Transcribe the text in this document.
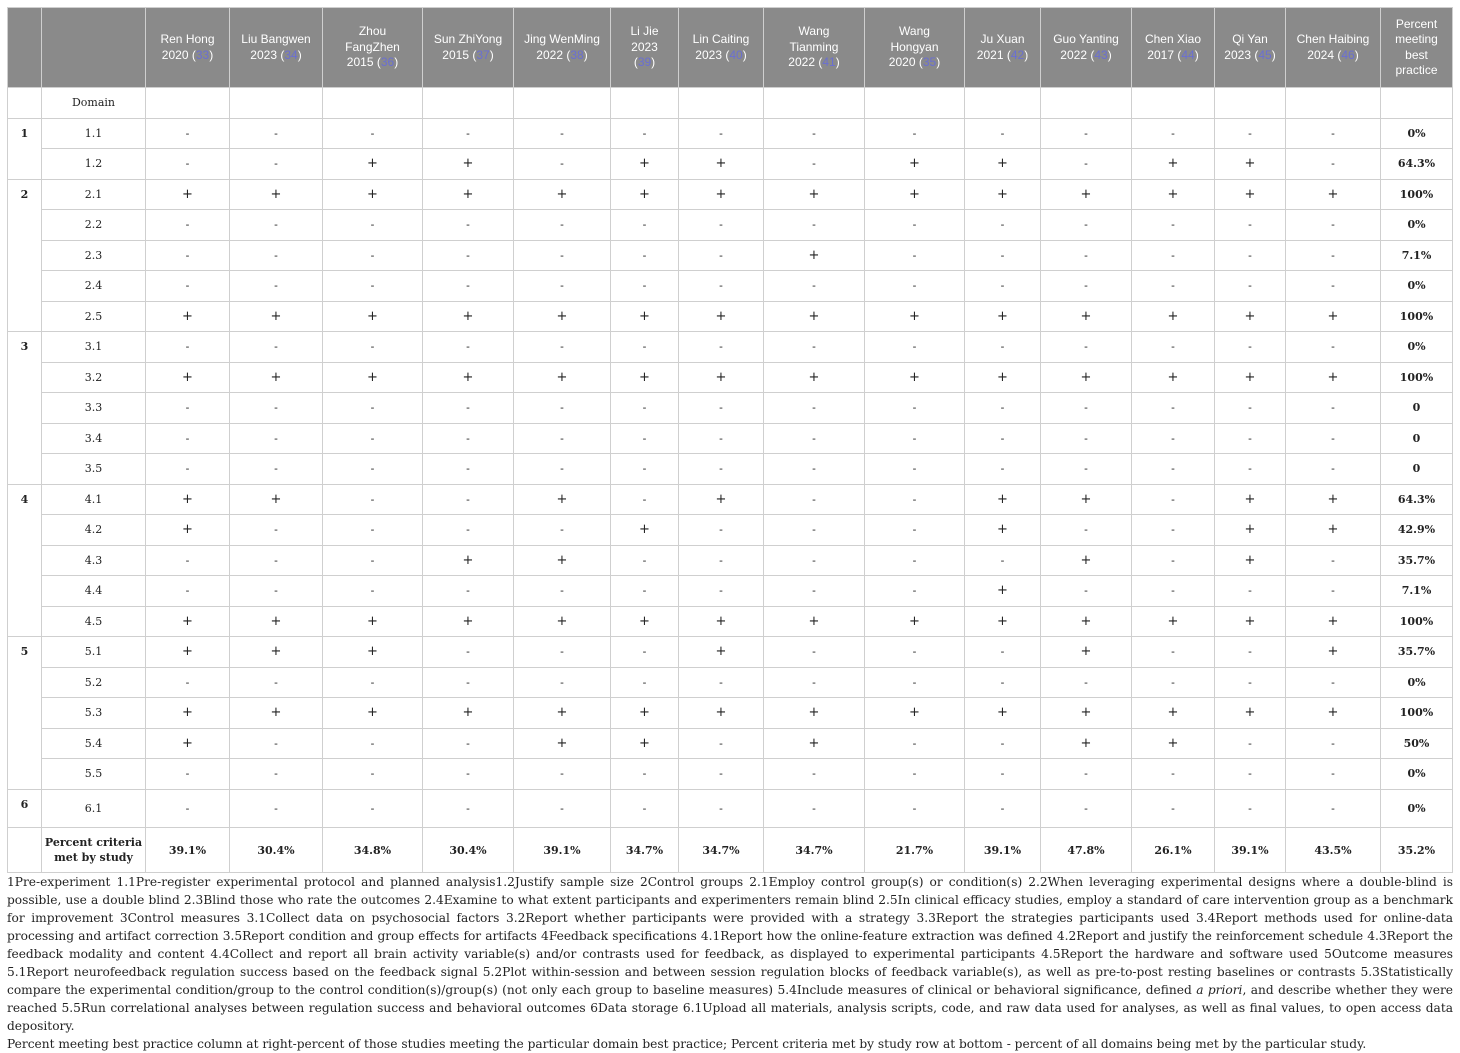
		Ren Hong
2020 (33)	Liu Bangwen
2023 (34)	Zhou
FangZhen
2015 (36)	Sun ZhiYong
2015 (37)	Jing WenMing
2022 (38)	Li Jie
2023
(39)	Lin Caiting
2023 (40)	Wang
Tianming
2022 (41)	Wang
Hongyan
2020 (35)	Ju Xuan
2021 (42)	Guo Yanting
2022 (43)	Chen Xiao
2017 (44)	Qi Yan
2023 (45)	Chen Haibing
2024 (46)	Percent
meeting
best
practice
	Domain															
1	1.1	-	-	-	-	-	-	-	-	-	-	-	-	-	-	0%
	1.2	-	-	+	+	-	+	+	-	+	+	-	+	+	-	64.3%
2	2.1	+	+	+	+	+	+	+	+	+	+	+	+	+	+	100%
	2.2	-	-	-	-	-	-	-	-	-	-	-	-	-	-	0%
	2.3	-	-	-	-	-	-	-	+	-	-	-	-	-	-	7.1%
	2.4	-	-	-	-	-	-	-	-	-	-	-	-	-	-	0%
	2.5	+	+	+	+	+	+	+	+	+	+	+	+	+	+	100%
3	3.1	-	-	-	-	-	-	-	-	-	-	-	-	-	-	0%
	3.2	+	+	+	+	+	+	+	+	+	+	+	+	+	+	100%
	3.3	-	-	-	-	-	-	-	-	-	-	-	-	-	-	0
	3.4	-	-	-	-	-	-	-	-	-	-	-	-	-	-	0
	3.5	-	-	-	-	-	-	-	-	-	-	-	-	-	-	0
4	4.1	+	+	-	-	+	-	+	-	-	+	+	-	+	+	64.3%
	4.2	+	-	-	-	-	+	-	-	-	+	-	-	+	+	42.9%
	4.3	-	-	-	+	+	-	-	-	-	-	+	-	+	-	35.7%
	4.4	-	-	-	-	-	-	-	-	-	+	-	-	-	-	7.1%
	4.5	+	+	+	+	+	+	+	+	+	+	+	+	+	+	100%
5	5.1	+	+	+	-	-	-	+	-	-	-	+	-	-	+	35.7%
	5.2	-	-	-	-	-	-	-	-	-	-	-	-	-	-	0%
	5.3	+	+	+	+	+	+	+	+	+	+	+	+	+	+	100%
	5.4	+	-	-	-	+	+	-	+	-	-	+	+	-	-	50%
	5.5	-	-	-	-	-	-	-	-	-	-	-	-	-	-	0%
6	6.1	-	-	-	-	-	-	-	-	-	-	-	-	-	-	0%
	Percent criteria
met by study	39.1%	30.4%	34.8%	30.4%	39.1%	34.7%	34.7%	34.7%	21.7%	39.1%	47.8%	26.1%	39.1%	43.5%	35.2%

1Pre-experiment 1.1Pre-register experimental protocol and planned analysis1.2Justify sample size 2Control groups 2.1Employ control group(s) or condition(s) 2.2When leveraging experimental designs where a double-blind is possible, use a double blind 2.3Blind those who rate the outcomes 2.4Examine to what extent participants and experimenters remain blind 2.5In clinical efficacy studies, employ a standard of care intervention group as a benchmark for improvement 3Control measures 3.1Collect data on psychosocial factors 3.2Report whether participants were provided with a strategy 3.3Report the strategies participants used 3.4Report methods used for online-data processing and artifact correction 3.5Report condition and group effects for artifacts 4Feedback specifications 4.1Report how the online-feature extraction was defined 4.2Report and justify the reinforcement schedule 4.3Report the feedback modality and content 4.4Collect and report all brain activity variable(s) and/or contrasts used for feedback, as displayed to experimental participants 4.5Report the hardware and software used 5Outcome measures 5.1Report neurofeedback regulation success based on the feedback signal 5.2Plot within-session and between session regulation blocks of feedback variable(s), as well as pre-to-post resting baselines or contrasts 5.3Statistically compare the experimental condition/group to the control condition(s)/group(s) (not only each group to baseline measures) 5.4Include measures of clinical or behavioral significance, defined a priori, and describe whether they were reached 5.5Run correlational analyses between regulation success and behavioral outcomes 6Data storage 6.1Upload all materials, analysis scripts, code, and raw data used for analyses, as well as final values, to open access data depository.

Percent meeting best practice column at right-percent of those studies meeting the particular domain best practice; Percent criteria met by study row at bottom - percent of all domains being met by the particular study.
